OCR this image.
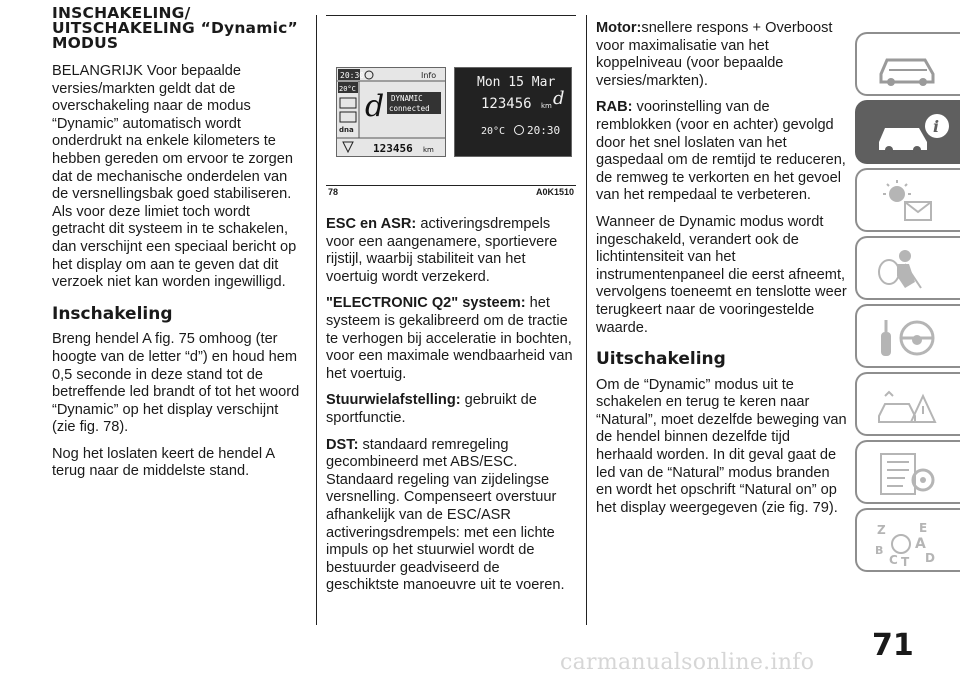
INSCHAKELING/ UITSCHAKELING “Dynamic” MODUS

BELANGRIJK Voor bepaalde versies/markten geldt dat de overschakeling naar de modus “Dynamic” automatisch wordt onderdrukt na enkele kilometers te hebben gereden om ervoor te zorgen dat de mechanische onderdelen van de versnellingsbak goed stabiliseren. Als voor deze limiet toch wordt getracht dit systeem in te schakelen, dan verschijnt een speciaal bericht op het display om aan te geven dat dit verzoek niet kan worden ingewilligd.

Inschakeling

Breng hendel A fig. 75 omhoog (ter hoogte van de letter “d”) en houd hem 0,5 seconde in deze stand tot de betreffende led brandt of tot het woord “Dynamic” op het display verschijnt (zie fig. 78).

Nog het loslaten keert de hendel A terug naar de middelste stand.

20:30	Info
20°C
dna
d DYNAMIC
connected
123456 km
Mon 15 Mar
123456 km d
20°C 20:30
78	A0K1510

ESC en ASR: activeringsdrempels voor een aangenamere, sportievere rijstijl, waarbij stabiliteit van het voertuig wordt verzekerd.

"ELECTRONIC Q2" systeem: het systeem is gekalibreerd om de tractie te verhogen bij acceleratie in bochten, voor een maximale wendbaarheid van het voertuig.

Stuurwielafstelling: gebruikt de sportfunctie.

DST: standaard remregeling gecombineerd met ABS/ESC. Standaard regeling van zijdelingse versnelling. Compenseert overstuur afhankelijk van de ESC/ASR activeringsdrempels: met een lichte impuls op het stuurwiel wordt de bestuurder geadviseerd de geschiktste manoeuvre uit te voeren.

Motor:snellere respons + Overboost voor maximalisatie van het koppelniveau (voor bepaalde versies/markten).

RAB: voorinstelling van de remblokken (voor en achter) gevolgd door het snel loslaten van het gaspedaal om de remtijd te reduceren, de remweg te verkorten en het gevoel van het rempedaal te verbeteren.

Wanneer de Dynamic modus wordt ingeschakeld, verandert ook de lichtintensiteit van het instrumentenpaneel die eerst afneemt, vervolgens toeneemt en tenslotte weer terugkeert naar de vooringestelde waarde.

Uitschakeling

Om de “Dynamic” modus uit te schakelen en terug te keren naar “Natural”, moet dezelfde beweging van de hendel binnen dezelfde tijd herhaald worden. In dit geval gaat de led van de “Natural” modus branden en wordt het opschrift “Natural on” op het display weergegeven (zie fig. 79).

i
Z	E
A
B
C T D
71
carmanualsonline.info
